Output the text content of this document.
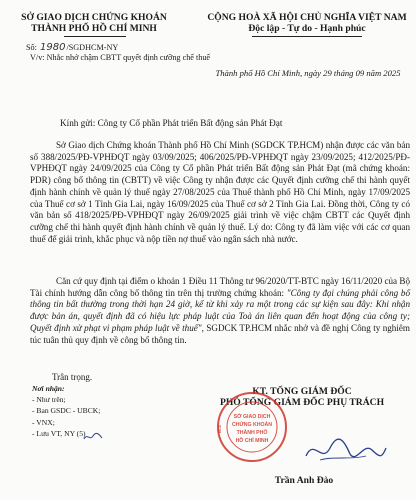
SỞ GIAO DỊCH CHỨNG KHOÁN
THÀNH PHỐ HỒ CHÍ MINH
CỘNG HOÀ XÃ HỘI CHỦ NGHĨA VIỆT NAM
Độc lập - Tự do - Hạnh phúc
Số: 1980/SGDHCM-NY
V/v: Nhắc nhở chậm CBTT quyết định cưỡng chế thuế
Thành phố Hồ Chí Minh, ngày 29 tháng 09 năm 2025
Kính gửi: Công ty Cổ phần Phát triển Bất động sản Phát Đạt
Sở Giao dịch Chứng khoán Thành phố Hồ Chí Minh (SGDCK TP.HCM) nhận được các văn bản số 388/2025/PĐ-VPHĐQT ngày 03/09/2025; 406/2025/PĐ-VPHĐQT ngày 23/09/2025; 412/2025/PĐ-VPHĐQT ngày 24/09/2025 của Công ty Cổ phần Phát triển Bất động sản Phát Đạt (mã chứng khoán: PDR) công bố thông tin (CBTT) về việc Công ty nhận được các Quyết định cưỡng chế thi hành quyết định hành chính về quản lý thuế ngày 27/08/2025 của Thuế thành phố Hồ Chí Minh, ngày 17/09/2025 của Thuế cơ sở 1 Tỉnh Gia Lai, ngày 16/09/2025 của Thuế cơ sở 2 Tỉnh Gia Lai. Đồng thời, Công ty có văn bản số 418/2025/PĐ-VPHĐQT ngày 26/09/2025 giải trình về việc chậm CBTT các Quyết định cưỡng chế thi hành quyết định hành chính về quản lý thuế. Lý do: Công ty đã làm việc với các cơ quan thuế để giải trình, khắc phục và nộp tiền nợ thuế vào ngân sách nhà nước.
Căn cứ quy định tại điểm o khoản 1 Điều 11 Thông tư 96/2020/TT-BTC ngày 16/11/2020 của Bộ Tài chính hướng dẫn công bố thông tin trên thị trường chứng khoán: "Công ty đại chúng phải công bố thông tin bất thường trong thời hạn 24 giờ, kể từ khi xảy ra một trong các sự kiện sau đây: Khi nhận được bản án, quyết định đã có hiệu lực pháp luật của Toà án liên quan đến hoạt động của công ty; Quyết định xử phạt vi phạm pháp luật về thuế", SGDCK TP.HCM nhắc nhở và đề nghị Công ty nghiêm túc tuân thủ quy định về công bố thông tin.
Trân trọng.
Nơi nhận:
- Như trên;
- Ban GSDC - UBCK;
- VNX;
- Lưu VT, NY (5)
KT. TỔNG GIÁM ĐỐC
PHÓ TỔNG GIÁM ĐỐC PHỤ TRÁCH
SỞ GIAO DỊCH
CHỨNG KHOÁN
THÀNH PHỐ
HỒ CHÍ MINH
M.S
Trần Anh Đào
